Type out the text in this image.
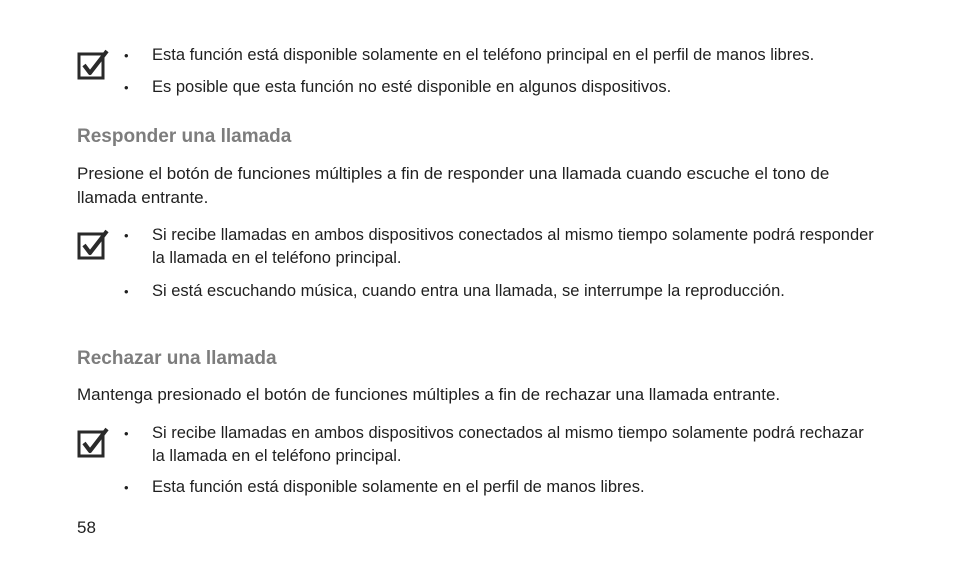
• Esta función está disponible solamente en el teléfono principal en el perfil de manos libres.
• Es posible que esta función no esté disponible en algunos dispositivos.
Responder una llamada

Presione el botón de funciones múltiples a fin de responder una llamada cuando escuche el tono de llamada entrante.

• Si recibe llamadas en ambos dispositivos conectados al mismo tiempo solamente podrá responder la llamada en el teléfono principal.
• Si está escuchando música, cuando entra una llamada, se interrumpe la reproducción.
Rechazar una llamada

Mantenga presionado el botón de funciones múltiples a fin de rechazar una llamada entrante.

• Si recibe llamadas en ambos dispositivos conectados al mismo tiempo solamente podrá rechazar la llamada en el teléfono principal.
• Esta función está disponible solamente en el perfil de manos libres.
58
